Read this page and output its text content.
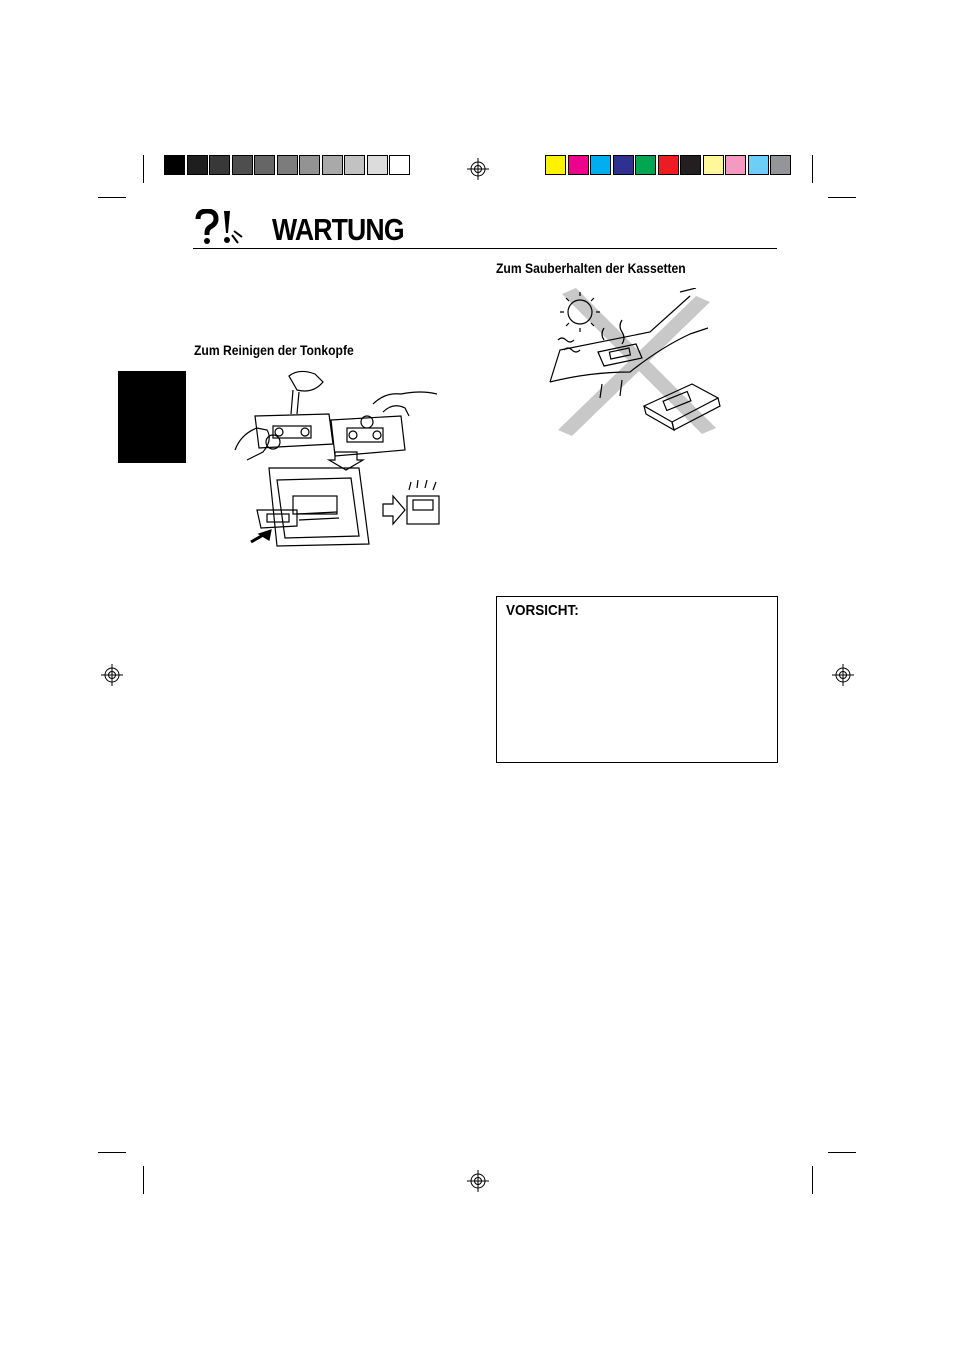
WARTUNG
Zum Reinigen der Tonkopfe
Zum Sauberhalten der Kassetten
VORSICHT:
